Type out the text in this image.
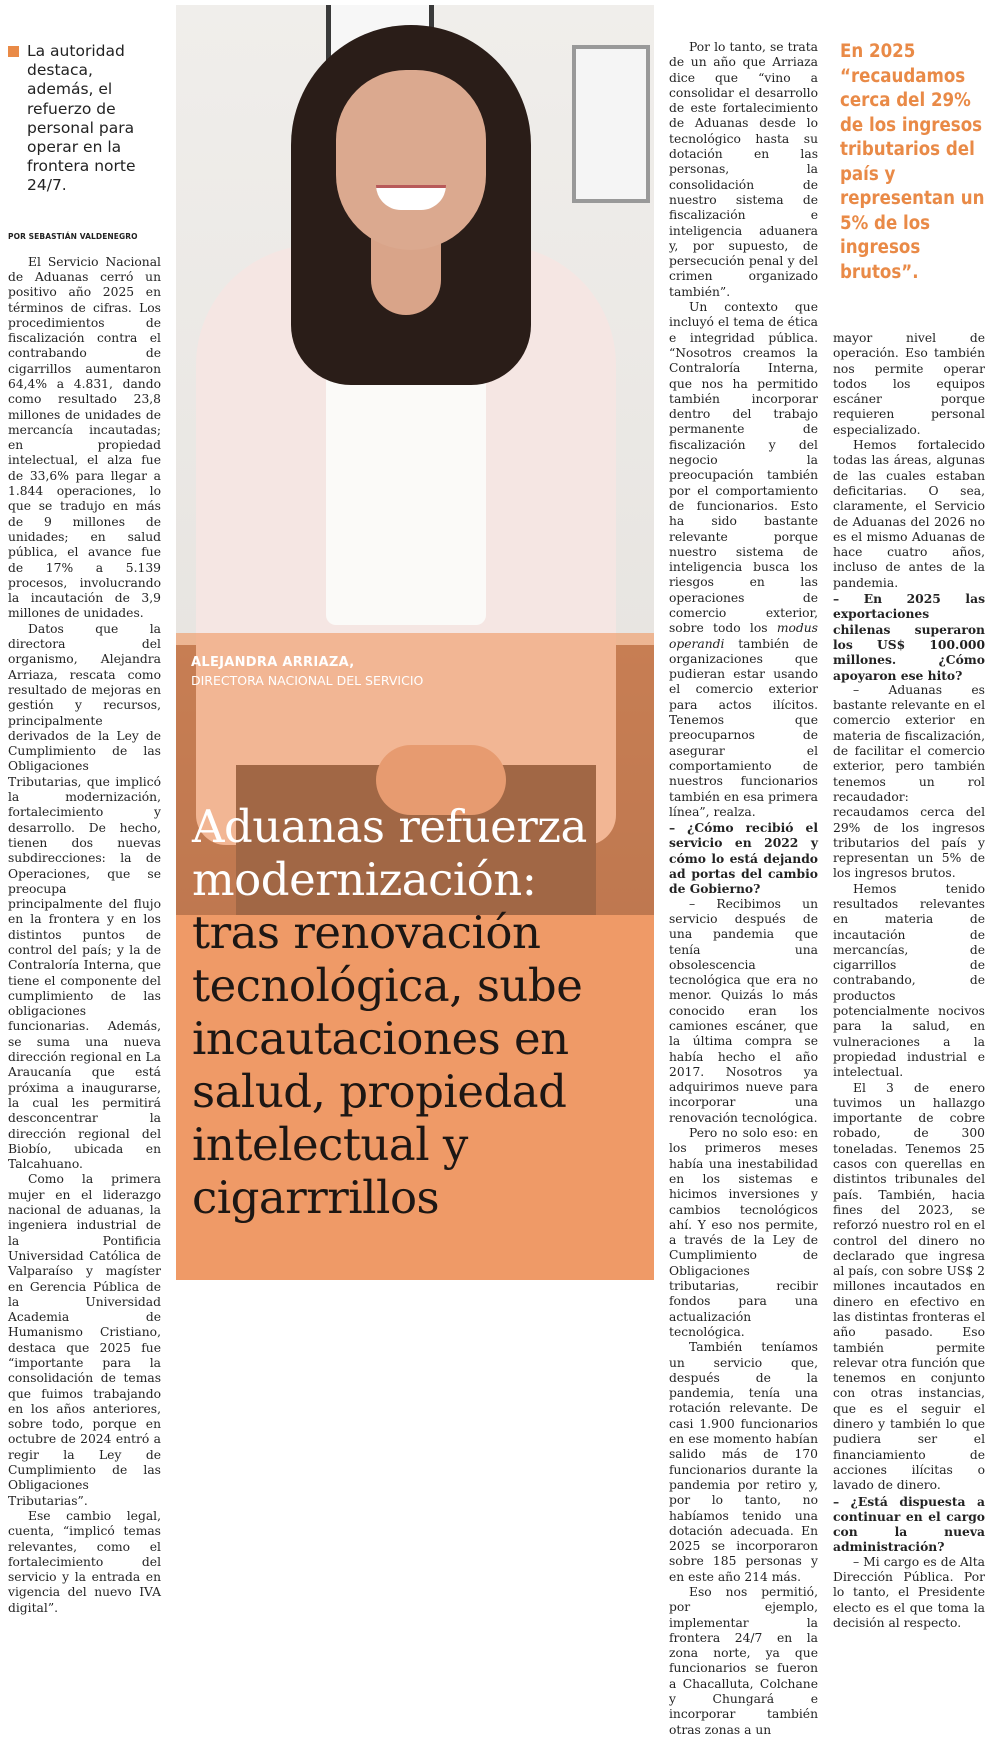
La autoridad destaca, además, el refuerzo de personal para operar en la frontera norte 24/7.
POR SEBASTIÁN VALDENEGRO

El Servicio Nacional de Aduanas cerró un positivo año 2025 en términos de cifras. Los procedimientos de fiscalización contra el contrabando de cigarrillos aumentaron 64,4% a 4.831, dando como resultado 23,8 millones de unidades de mercancía incautadas; en propiedad intelectual, el alza fue de 33,6% para llegar a 1.844 operaciones, lo que se tradujo en más de 9 millones de unidades; en salud pública, el avance fue de 17% a 5.139 procesos, involucrando la incautación de 3,9 millones de unidades.

Datos que la directora del organismo, Alejandra Arriaza, rescata como resultado de mejoras en gestión y recursos, principalmente derivados de la Ley de Cumplimiento de las Obligaciones Tributarias, que implicó la modernización, fortalecimiento y desarrollo. De hecho, tienen dos nuevas subdirecciones: la de Operaciones, que se preocupa principalmente del flujo en la frontera y en los distintos puntos de control del país; y la de Contraloría Interna, que tiene el componente del cumplimiento de las obligaciones funcionarias. Además, se suma una nueva dirección regional en La Araucanía que está próxima a inaugurarse, la cual les permitirá desconcentrar la dirección regional del Biobío, ubicada en Talcahuano.

Como la primera mujer en el liderazgo nacional de aduanas, la ingeniera industrial de la Pontificia Universidad Católica de Valparaíso y magíster en Gerencia Pública de la Universidad Academia de Humanismo Cristiano, destaca que 2025 fue “importante para la consolidación de temas que fuimos trabajando en los años anteriores, sobre todo, porque en octubre de 2024 entró a regir la Ley de Cumplimiento de las Obligaciones Tributarias”.

Ese cambio legal, cuenta, “implicó temas relevantes, como el fortalecimiento del servicio y la entrada en vigencia del nuevo IVA digital”.

ALEJANDRA ARRIAZA,
DIRECTORA NACIONAL DEL SERVICIO
Aduanas refuerza
modernización:
tras renovación
tecnológica, sube
incautaciones en
salud, propiedad
intelectual y
cigarrrillos

Por lo tanto, se trata de un año que Arriaza dice que “vino a consolidar el desarrollo de este fortalecimiento de Aduanas desde lo tecnológico hasta su dotación en las personas, la consolidación de nuestro sistema de fiscalización e inteligencia aduanera y, por supuesto, de persecución penal y del crimen organizado también”.

Un contexto que incluyó el tema de ética e integridad pública. “Nosotros creamos la Contraloría Interna, que nos ha permitido también incorporar dentro del trabajo permanente de fiscalización y del negocio la preocupación también por el comportamiento de funcionarios. Esto ha sido bastante relevante porque nuestro sistema de inteligencia busca los riesgos en las operaciones de comercio exterior, sobre todo los modus operandi también de organizaciones que pudieran estar usando el comercio exterior para actos ilícitos. Tenemos que preocuparnos de asegurar el comportamiento de nuestros funcionarios también en esa primera línea”, realza.

– ¿Cómo recibió el servicio en 2022 y cómo lo está dejando ad portas del cambio de Gobierno?

– Recibimos un servicio después de una pandemia que tenía una obsolescencia tecnológica que era no menor. Quizás lo más conocido eran los camiones escáner, que la última compra se había hecho el año 2017. Nosotros ya adquirimos nueve para incorporar una renovación tecnológica.

Pero no solo eso: en los primeros meses había una inestabilidad en los sistemas e hicimos inversiones y cambios tecnológicos ahí. Y eso nos permite, a través de la Ley de Cumplimiento de Obligaciones tributarias, recibir fondos para una actualización tecnológica.

También teníamos un servicio que, después de la pandemia, tenía una rotación relevante. De casi 1.900 funcionarios en ese momento habían salido más de 170 funcionarios durante la pandemia por retiro y, por lo tanto, no habíamos tenido una dotación adecuada. En 2025 se incorporaron sobre 185 personas y en este año 214 más.

Eso nos permitió, por ejemplo, implementar la frontera 24/7 en la zona norte, ya que funcionarios se fueron a Chacalluta, Colchane y Chungará e incorporar también otras zonas a un

En 2025 “recaudamos cerca del 29% de los ingresos tributarios del país y representan un 5% de los ingresos brutos”.

mayor nivel de operación. Eso también nos permite operar todos los equipos escáner porque requieren personal especializado.

Hemos fortalecido todas las áreas, algunas de las cuales estaban deficitarias. O sea, claramente, el Servicio de Aduanas del 2026 no es el mismo Aduanas de hace cuatro años, incluso de antes de la pandemia.

– En 2025 las exportaciones chilenas superaron los US$ 100.000 millones. ¿Cómo apoyaron ese hito?

– Aduanas es bastante relevante en el comercio exterior en materia de fiscalización, de facilitar el comercio exterior, pero también tenemos un rol recaudador: recaudamos cerca del 29% de los ingresos tributarios del país y representan un 5% de los ingresos brutos.

Hemos tenido resultados relevantes en materia de incautación de mercancías, de cigarrillos de contrabando, de productos potencialmente nocivos para la salud, en vulneraciones a la propiedad industrial e intelectual.

El 3 de enero tuvimos un hallazgo importante de cobre robado, de 300 toneladas. Tenemos 25 casos con querellas en distintos tribunales del país. También, hacia fines del 2023, se reforzó nuestro rol en el control del dinero no declarado que ingresa al país, con sobre US$ 2 millones incautados en dinero en efectivo en las distintas fronteras el año pasado. Eso también permite relevar otra función que tenemos en conjunto con otras instancias, que es el seguir el dinero y también lo que pudiera ser el financiamiento de acciones ilícitas o lavado de dinero.

– ¿Está dispuesta a continuar en el cargo con la nueva administración?

– Mi cargo es de Alta Dirección Pública. Por lo tanto, el Presidente electo es el que toma la decisión al respecto.
